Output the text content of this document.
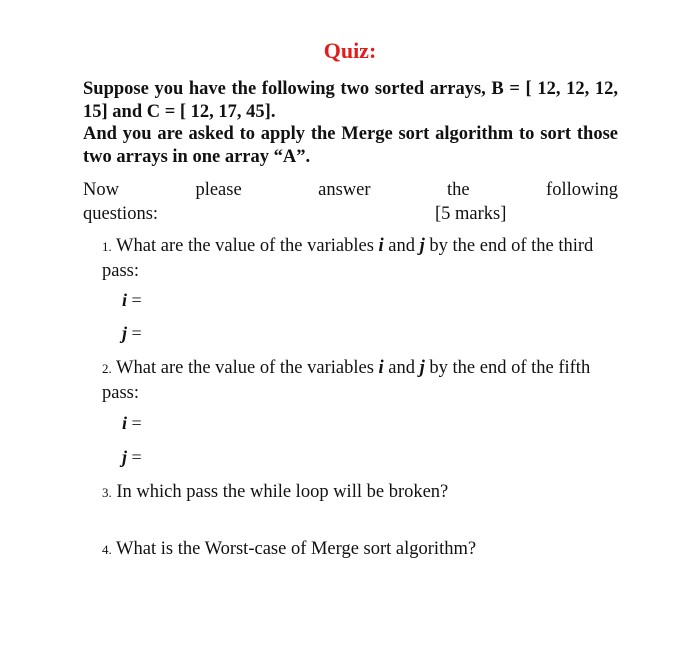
Quiz:

Suppose you have the following two sorted arrays, B = [ 12, 12, 12, 15] and C = [ 12, 17, 45].

And you are asked to apply the Merge sort algorithm to sort those two arrays in one array “A”.

Now	please	answer	the	following
questions:	[5 marks]
1. What are the value of the variables i and j by the end of the third pass:
i =
j =
2. What are the value of the variables i and j by the end of the fifth pass:
i =
j =
3. In which pass the while loop will be broken?
4. What is the Worst-case of Merge sort algorithm?
